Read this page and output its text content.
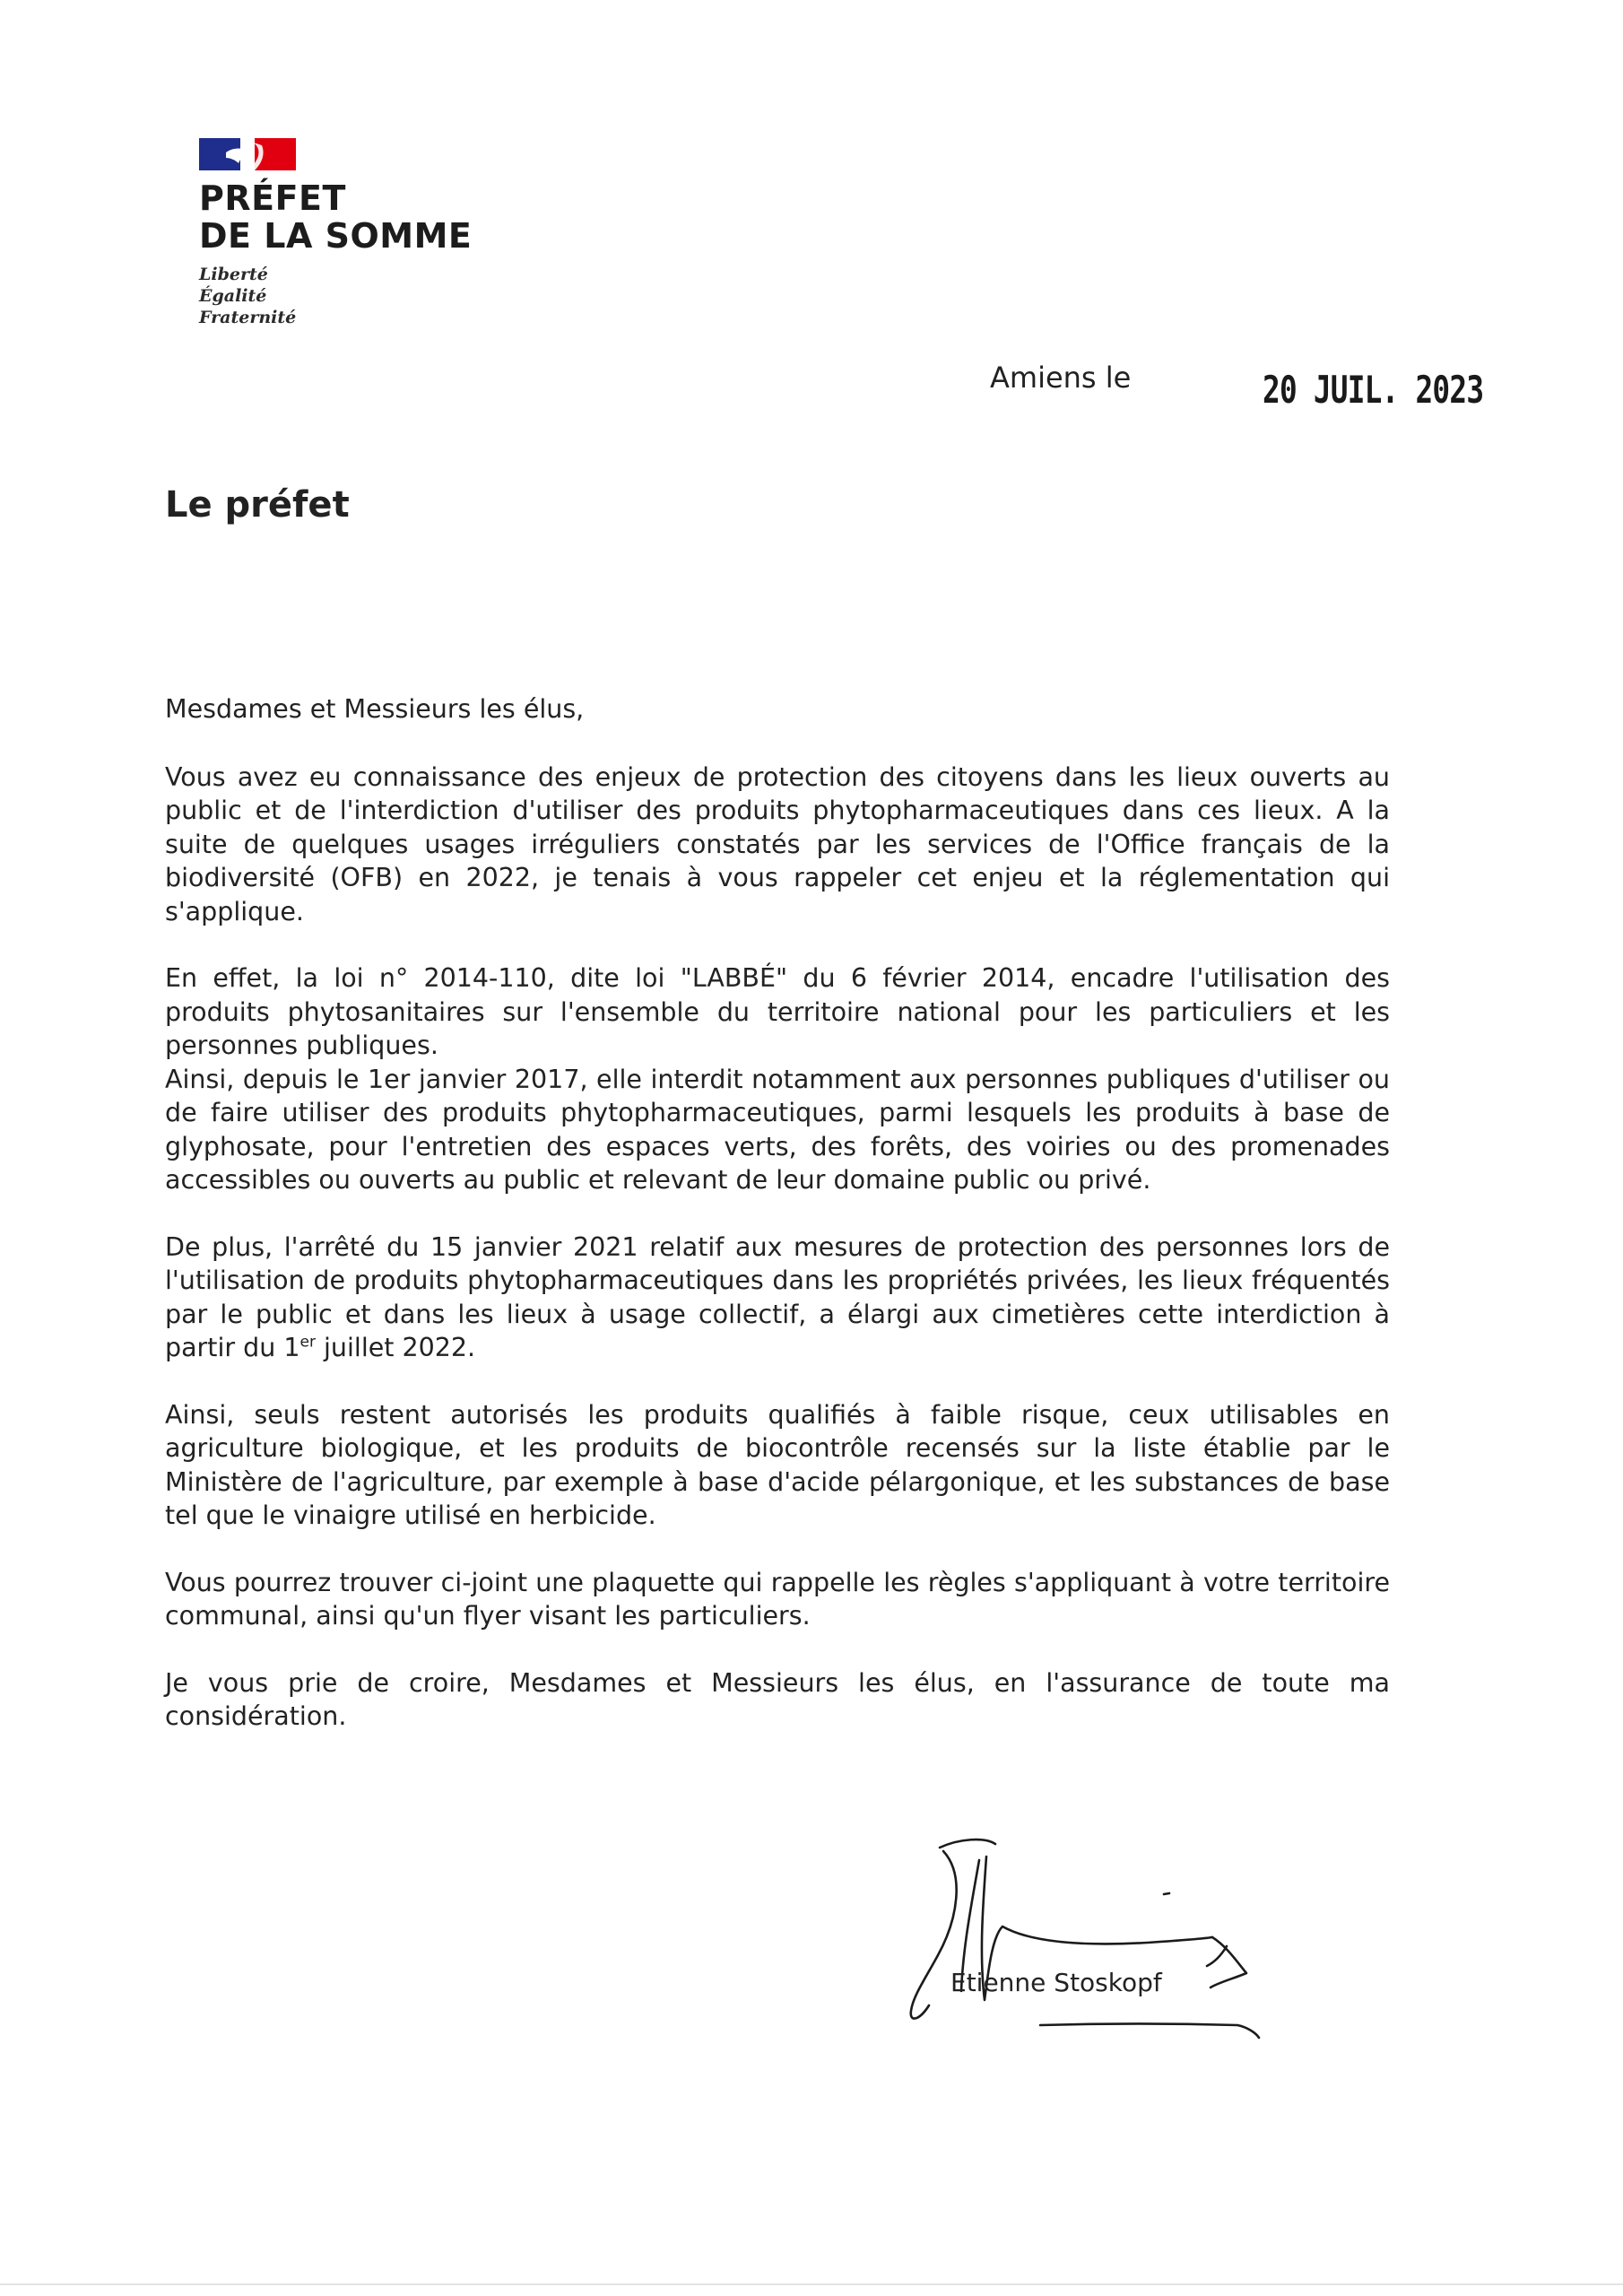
PRÉFET
DE LA SOMME
Liberté
Égalité
Fraternité
Amiens le	20 JUIL. 2023
Le préfet

Mesdames et Messieurs les élus,

Vous avez eu connaissance des enjeux de protection des citoyens dans les lieux ouverts au public et de l'interdiction d'utiliser des produits phytopharmaceutiques dans ces lieux. A la suite de quelques usages irréguliers constatés par les services de l'Office français de la biodiversité (OFB) en 2022, je tenais à vous rappeler cet enjeu et la réglementation qui s'applique.

En effet, la loi n° 2014-110, dite loi "LABBÉ" du 6 février 2014, encadre l'utilisation des produits phytosanitaires sur l'ensemble du territoire national pour les particuliers et les personnes publiques.

Ainsi, depuis le 1er janvier 2017, elle interdit notamment aux personnes publiques d'utiliser ou de faire utiliser des produits phytopharmaceutiques, parmi lesquels les produits à base de glyphosate, pour l'entretien des espaces verts, des forêts, des voiries ou des promenades accessibles ou ouverts au public et relevant de leur domaine public ou privé.

De plus, l'arrêté du 15 janvier 2021 relatif aux mesures de protection des personnes lors de l'utilisation de produits phytopharmaceutiques dans les propriétés privées, les lieux fréquentés par le public et dans les lieux à usage collectif, a élargi aux cimetières cette interdiction à partir du 1er juillet 2022.

Ainsi, seuls restent autorisés les produits qualifiés à faible risque, ceux utilisables en agriculture biologique, et les produits de biocontrôle recensés sur la liste établie par le Ministère de l'agriculture, par exemple à base d'acide pélargonique, et les substances de base tel que le vinaigre utilisé en herbicide.

Vous pourrez trouver ci-joint une plaquette qui rappelle les règles s'appliquant à votre territoire communal, ainsi qu'un flyer visant les particuliers.

Je vous prie de croire, Mesdames et Messieurs les élus, en l'assurance de toute ma considération.

Etienne Stoskopf
